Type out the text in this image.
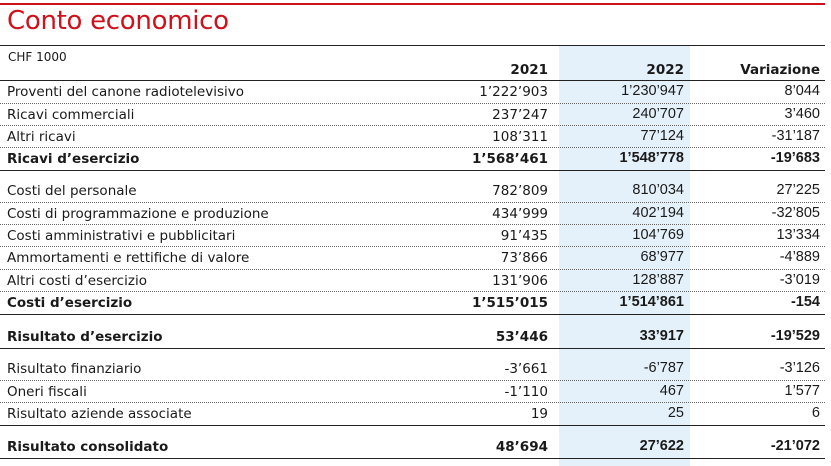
Conto economico
CHF 1000
2021	2022	Variazione
Proventi del canone radiotelevisivo	1’222’903	1’230’947	8’044
Ricavi commerciali	237’247	240’707	3’460
Altri ricavi	108’311	77’124	-31’187
Ricavi d’esercizio	1’568’461	1’548’778	-19’683
Costi del personale	782’809	810’034	27’225
Costi di programmazione e produzione	434’999	402’194	-32’805
Costi amministrativi e pubblicitari	91’435	104’769	13’334
Ammortamenti e rettifiche di valore	73’866	68’977	-4’889
Altri costi d’esercizio	131’906	128’887	-3’019
Costi d’esercizio	1’515’015	1’514’861	-154
Risultato d’esercizio	53’446	33’917	-19’529
Risultato finanziario	-3’661	-6’787	-3’126
Oneri fiscali	-1’110	467	1’577
Risultato aziende associate	19	25	6
Risultato consolidato	48’694	27’622	-21’072
